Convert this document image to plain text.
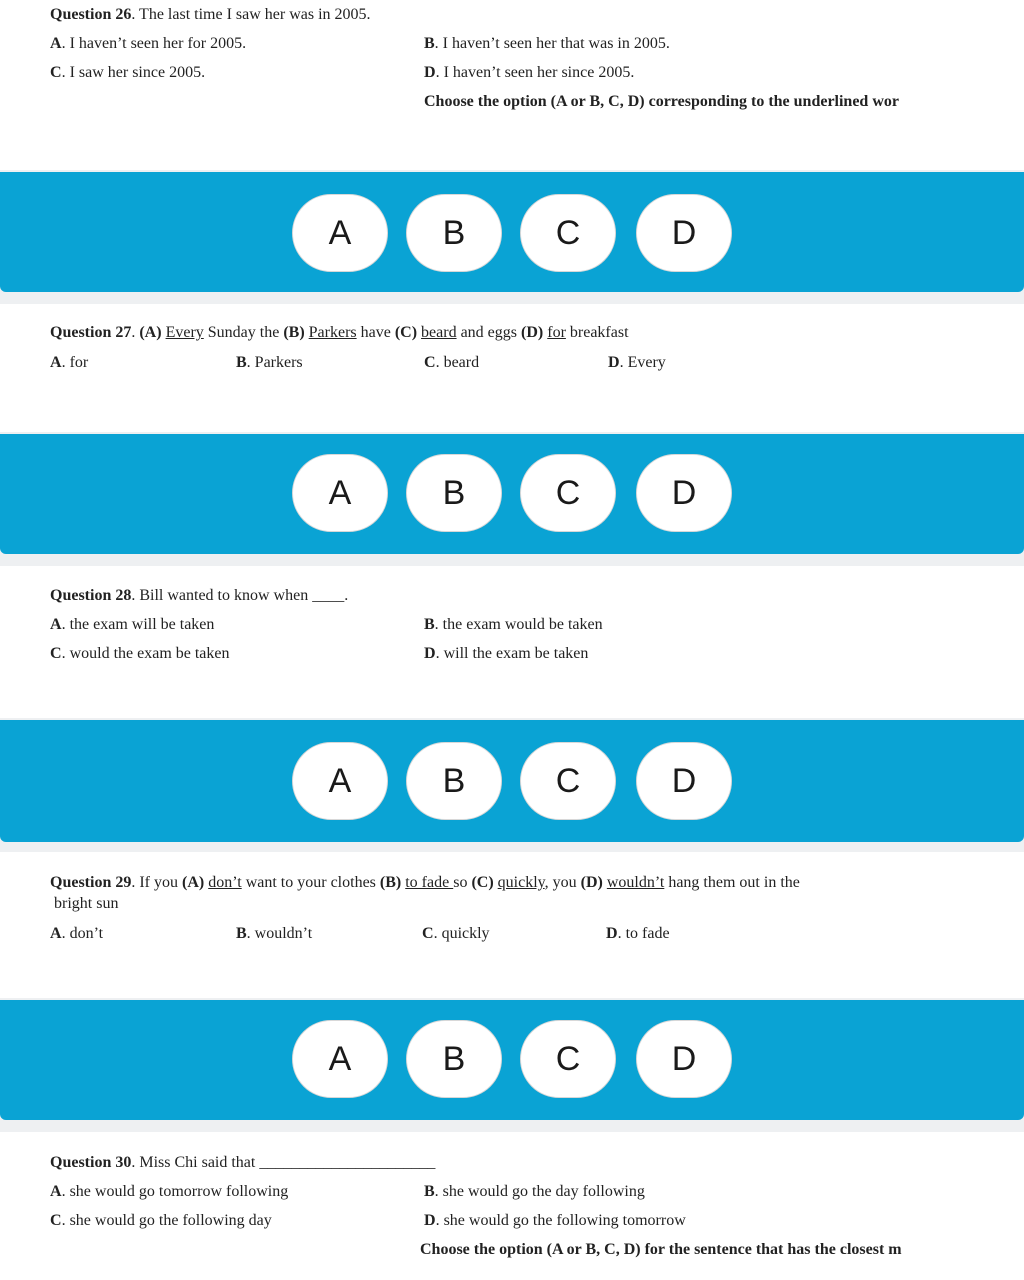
Question 26. The last time I saw her was in 2005.
A. I haven’t seen her for 2005.	B. I haven’t seen her that was in 2005.
C. I saw her since 2005.	D. I haven’t seen her since 2005.
Choose the option (A or B, C, D) corresponding to the underlined wor
A	B	C	D
Question 27. (A) Every Sunday the (B) Parkers have (C) beard and eggs (D) for breakfast
A. for	B. Parkers	C. beard	D. Every
A	B	C	D
Question 28. Bill wanted to know when ____.
A. the exam will be taken	B. the exam would be taken
C. would the exam be taken	D. will the exam be taken
A	B	C	D
Question 29. If you (A) don’t want to your clothes (B) to fade so (C) quickly, you (D) wouldn’t hang them out in the
bright sun
A. don’t	B. wouldn’t	C. quickly	D. to fade
A	B	C	D
Question 30. Miss Chi said that ______________________
A. she would go tomorrow following	B. she would go the day following
C. she would go the following day	D. she would go the following tomorrow
Choose the option (A or B, C, D) for the sentence that has the closest m
